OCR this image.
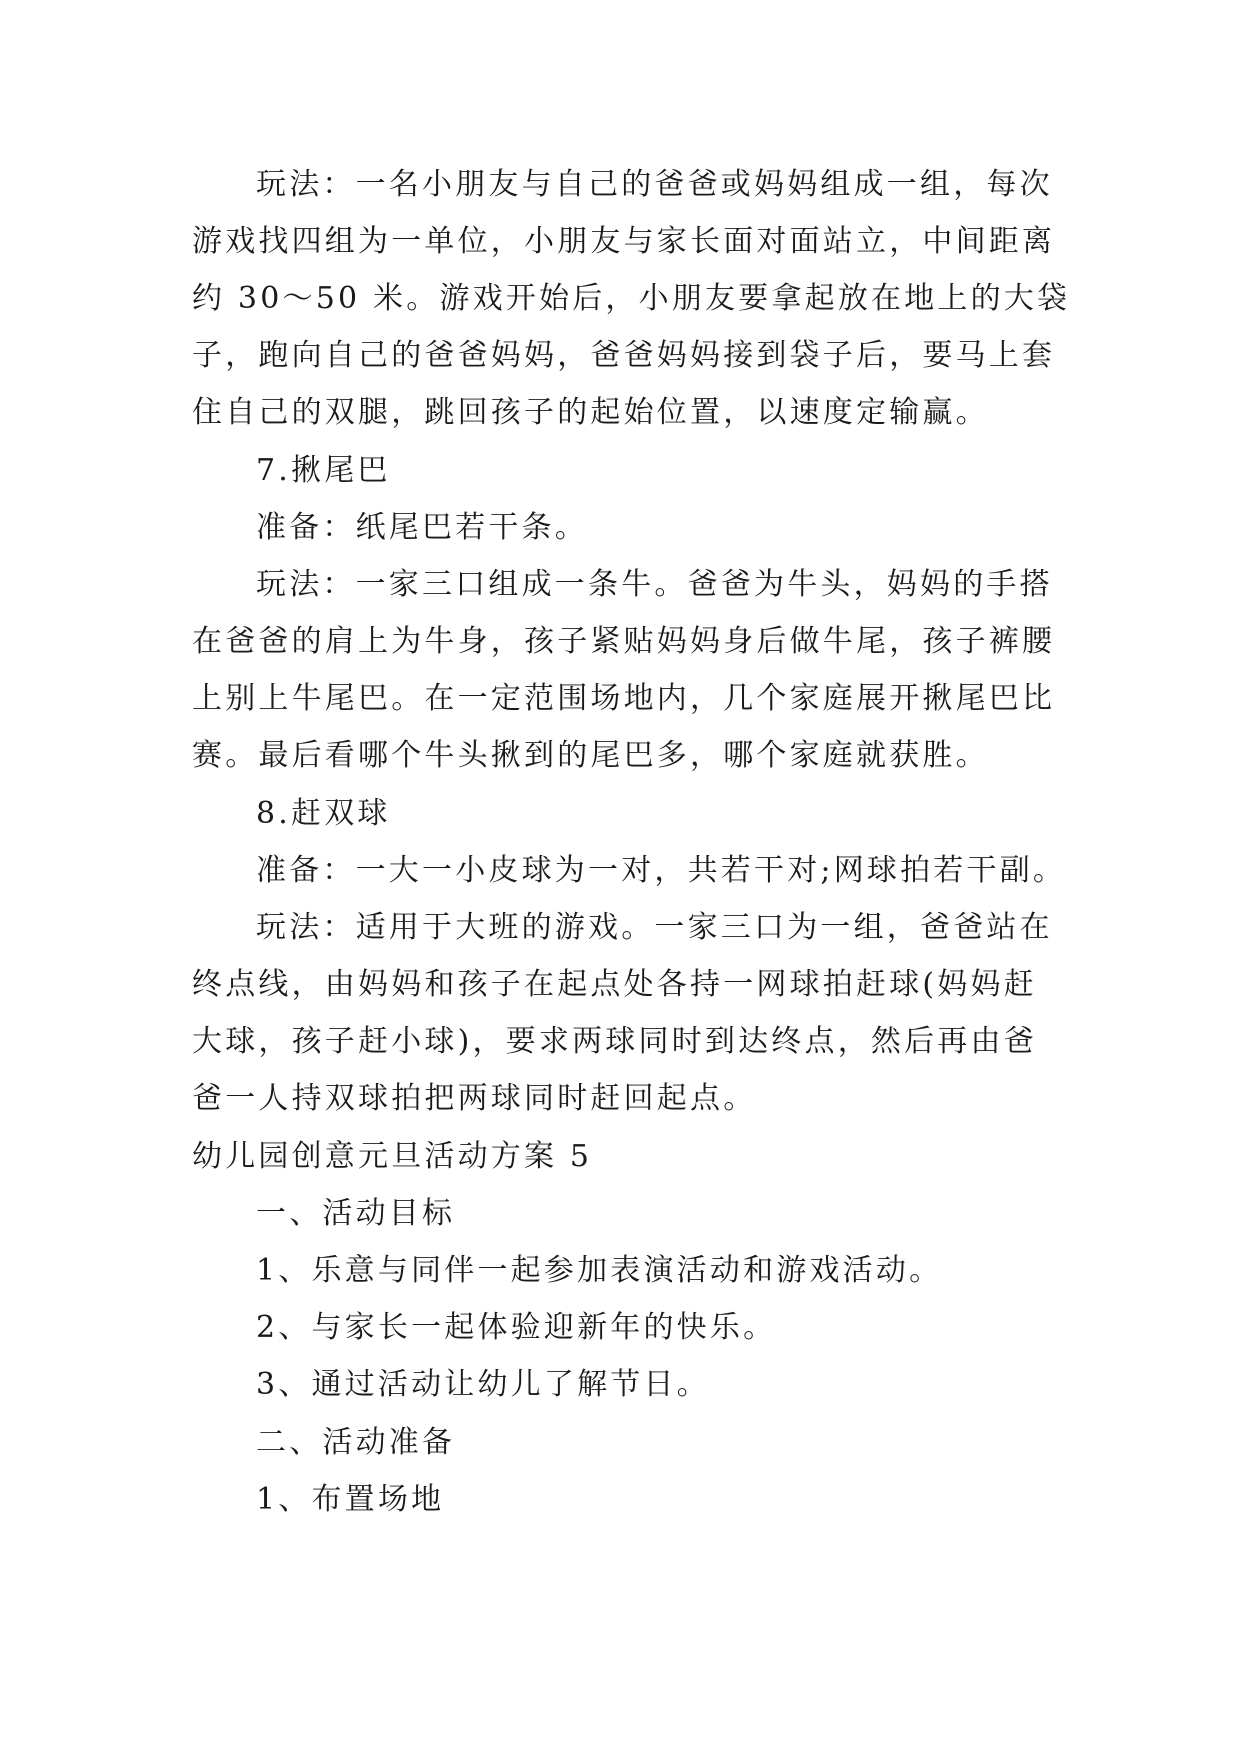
玩法：一名小朋友与自己的爸爸或妈妈组成一组，每次
游戏找四组为一单位，小朋友与家长面对面站立，中间距离
约 30～50 米。游戏开始后，小朋友要拿起放在地上的大袋
子，跑向自己的爸爸妈妈，爸爸妈妈接到袋子后，要马上套
住自己的双腿，跳回孩子的起始位置，以速度定输赢。
7.揪尾巴
准备：纸尾巴若干条。
玩法：一家三口组成一条牛。爸爸为牛头，妈妈的手搭
在爸爸的肩上为牛身，孩子紧贴妈妈身后做牛尾，孩子裤腰
上别上牛尾巴。在一定范围场地内，几个家庭展开揪尾巴比
赛。最后看哪个牛头揪到的尾巴多，哪个家庭就获胜。
8.赶双球
准备：一大一小皮球为一对，共若干对;网球拍若干副。
玩法：适用于大班的游戏。一家三口为一组，爸爸站在
终点线，由妈妈和孩子在起点处各持一网球拍赶球(妈妈赶
大球，孩子赶小球)，要求两球同时到达终点，然后再由爸
爸一人持双球拍把两球同时赶回起点。
幼儿园创意元旦活动方案 5
一、活动目标
1、乐意与同伴一起参加表演活动和游戏活动。
2、与家长一起体验迎新年的快乐。
3、通过活动让幼儿了解节日。
二、活动准备
1、布置场地
